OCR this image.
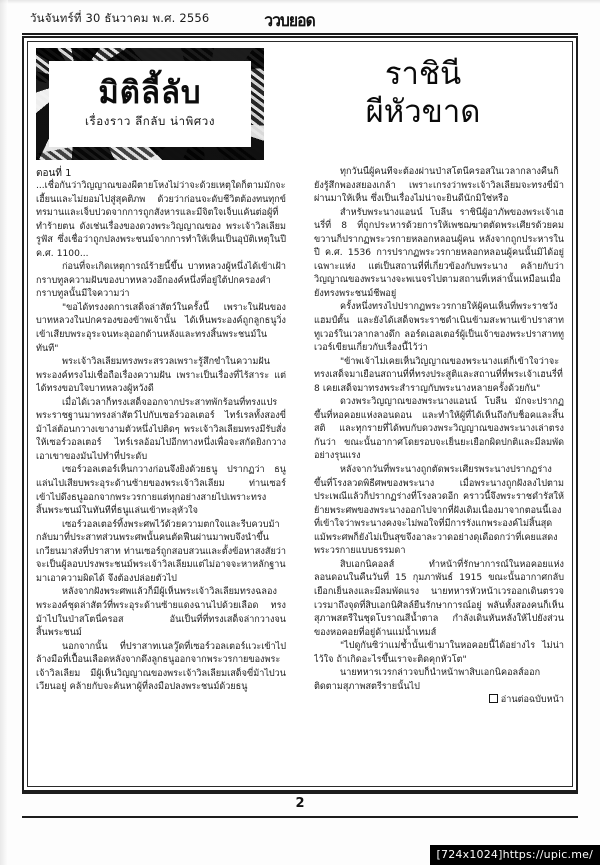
วันจันทร์ที่ 30 ธันวาคม พ.ศ. 2556	ววบยอด
มิติลี้ลับ
เรื่องราว ลึกลับ น่าพิศวง
ราชินี
ผีหัวขาด
ตอนที่ 1

...เชื่อกันว่าวิญญาณของผีตายโหงไม่ว่าจะด้วยเหตุใดก็ตามมักจะเฮี้ยนและไม่ยอมไปสู่สุคติภพ ด้วยว่าก่อนจะดับชีวิตต้องทนทุกข์ทรมานและเจ็บปวดจากการถูกสังหารและมีจิตใจเจ็บแค้นต่อผู้ที่ทำร้ายตน ดังเช่นเรื่องของดวงพระวิญญาณของ พระเจ้าวิลเลียม รูฟัส ซึ่งเชื่อว่าถูกปลงพระชนม์จากการทำให้เห็นเป็นอุบัติเหตุในปี ค.ศ. 1100...

ก่อนที่จะเกิดเหตุการณ์ร้ายนี้ขึ้น บาทหลวงผู้หนึ่งได้เข้าเฝ้ากราบทูลความฝันของบาทหลวงอีกองค์หนึ่งที่อยู่ใต้ปกครองคำกราบทูลนั้นมีใจความว่า

"ขอได้ทรงงดการเสด็จล่าสัตว์ในครั้งนี้ เพราะในฝันของบาทหลวงในปกครองของข้าพเจ้านั้น ได้เห็นพระองค์ถูกลูกธนูวิ่งเข้าเสียบพระอุระจนทะลุออกด้านหลังและทรงสิ้นพระชนม์ในทันที"

พระเจ้าวิลเลียมทรงพระสรวลเพราะรู้สึกขำในความฝันพระองค์ทรงไม่เชื่อถือเรื่องความฝัน เพราะเป็นเรื่องที่ไร้สาระ แต่ได้ทรงขอบใจบาทหลวงผู้หวังดี

เมื่อได้เวลาก็ทรงเสด็จออกจากประสาทพักร้อนที่ทรงแปรพระราชฐานมาทรงล่าสัตว์ไปกับเซอร์วอลเตอร์ ไทร์เรลทั้งสองขี่ม้าไล่ต้อนกวางเขางามตัวหนึ่งไปติดๆ พระเจ้าวิลเลียมทรงมีรับสั่งให้เซอร์วอลเตอร์ ไทร์เรลอ้อมไปอีกทางหนึ่งเพื่อจะสกัดยิงกวางเอาเขาของมันไปทำที่ประดับ

เซอร์วอลเตอร์เห็นกวางก่อนจึงยิงด้วยธนู ปรากฏว่า ธนูแล่นไปเสียบพระอุระด้านซ้ายของพระเจ้าวิลเลียม ท่านเซอร์เข้าไปดึงธนูออกจากพระวรกายแต่ทุกอย่างสายไปเพราะทรงสิ้นพระชนม์ในทันทีที่ธนูแล่นเข้าทะลุหัวใจ

เซอร์วอลเตอร์ทิ้งพระศพไว้ด้วยความตกใจและรีบควบม้ากลับมาที่ประสาทส่วนพระศพนั้นคนตัดฟืนผ่านมาพบจึงนำขึ้นเกวียนมาส่งที่ปราสาท ท่านเซอร์ถูกสอบสวนและตั้งข้อหาสงสัยว่าจะเป็นผู้ลอบปรงพระชนม์พระเจ้าวิลเลียมแต่ไม่อาจจะหาหลักฐานมาเอาความผิดได้ จึงต้องปล่อยตัวไป

หลังจากฝังพระศพแล้วก็มีผู้เห็นพระเจ้าวิลเลียมทรงฉลองพระองค์ชุดล่าสัตว์ที่พระอุระด้านซ้ายแดงฉานไปด้วยเลือด ทรงม้าไปในป่าสโตนี่ครอส อันเป็นที่ที่ทรงเสด็จล่ากวางจนสิ้นพระชนม์

นอกจากนั้น ที่ปราสาทเนลวู๊ดที่เซอร์วอลเตอร์แวะเข้าไปล้างมือที่เปื้อนเลือดหลังจากดึงลูกธนูออกจากพระวรกายของพระเจ้าวิลเลียม มีผู้เห็นวิญญาณของพระเจ้าวิลเลียมเสด็จขี่ม้าไปวนเวียนอยู่ คล้ายกับจะค้นหาผู้ที่ลงมือปลงพระชนม์ด้วยธนู

ทุกวันนี้ผู้คนที่จะต้องผ่านป่าสโตนี่ครอสในเวลากลางคืนก็ยังรู้สึกพองสยองเกล้า เพราะเกรงว่าพระเจ้าวิลเลียมจะทรงขี่ม้าผ่านมาให้เห็น ซึ่งเป็นเรื่องไม่น่าจะยินดีนักมิใช่หรือ

สำหรับพระนางแอนน์ โบลีน ราชินีผู้อาภัพของพระเจ้าเฮนรี่ที่ 8 ที่ถูกประหารด้วยการให้เพชฌฆาตตัดพระเศียรด้วยคมขวานก็ปรากฏพระวรกายหลอกหลอนผู้คน หลังจากถูกประหารในปี ค.ศ. 1536 การปรากฏพระวรกายหลอกหลอนผู้คนนั้นมิได้อยู่เฉพาะแห่ง แต่เป็นสถานที่ที่เกี่ยวข้องกับพระนาง คล้ายกับว่าวิญญาณของพระนางจะพเนจรไปตามสถานที่เหล่านั้นเหมือนเมื่อยังทรงพระชนม์ชีพอยู่

ครั้งหนึ่งทรงไปปรากฏพระวรกายให้ผู้คนเห็นที่พระราชวังแฮมป์ตั้น และยังได้เสด็จพระราชดำเนินข้ามสะพานเข้าปราสาททูเวอร์ในเวลากลางดึก ลอร์ดเอลเตอร์ผู้เป็นเจ้าของพระปราสาททูเวอร์เขียนเกี่ยวกับเรื่องนี้ไว้ว่า

"ข้าพเจ้าไม่เคยเห็นวิญญาณของพระนางแต่ก็เข้าใจว่าจะทรงเสด็จมาเยือนสถานที่ที่ทรงประสูติและสถานที่ที่พระเจ้าเฮนรี่ที่ 8 เคยเสด็จมาทรงพระสำราญกับพระนางหลายครั้งด้วยกัน"

ดวงพระวิญญาณของพระนางแอนน์ โบลีน มักจะปรากฏขึ้นที่หอคอยแห่งลอนดอน และทำให้ผู้ที่ได้เห็นถึงกับช็อคและสิ้นสติ และทุกรายที่ได้พบกับดวงพระวิญญาณของพระนางเล่าตรงกันว่า ขณะนั้นอากาศโดยรอบจะเย็นยะเยือกผิดปกติและมีลมพัดอย่างรุนแรง

หลังจากวันที่พระนางถูกตัดพระเศียรพระนางปรากฏร่างขึ้นที่โรงลวดพิธีศพของพระนาง เมื่อพระนางถูกฝังลงไปตามประเพณีแล้วก็ปรากฏร่างที่โรงลวดอีก คราวนี้จึงพระราชดำรัสให้ย้ายพระศพของพระนางออกไปจากที่ฝังเดิมเนื่องมาจากตอนนี้เองที่เข้าใจว่าพระนางคงจะไม่พอใจที่มีการรังแกพระองค์ไม่สิ้นสุด แม้พระศพก็ยังไม่เป็นสุขจึงอาละวาดอย่างดุเดือดกว่าที่เคยแสดงพระวรกายแบบธรรมดา

สิบเอกนิคอลส์ ทำหน้าที่รักษาการณ์ในหอคอยแห่งลอนดอนในคืนวันที่ 15 กุมภาพันธ์ 1915 ขณะนั้นอากาศกลับเยือกเย็นลงและมีลมพัดแรง นายทหารหัวหน้าเวรออกเดินตรวจเวรมาถึงจุดที่สิบเอกนิศิลล์ยืนรักษาการณ์อยู่ พลันทั้งสองคนก็เห็นสุภาพสตรีในชุดโบราณสีน้ำตาล กำลังเดินหันหลังให้ไปยังส่วนของหอคอยที่อยู่ด้านแม่น้ำเทมส์

"ไปดูกันซิว่าแม่ช้ำนั้นเข้ามาในหอคอยนี้ได้อย่างไร ไม่น่าไว้ใจ ถ้าเกิดอะไรขึ้นเราจะติดคุกหัวโต"

นายทหารเวรกล่าวจบก็นำหน้าพาสิบเอกนิคอลส์ออกติดตามสุภาพสตรีรายนั้นไป

อ่านต่อฉบับหน้า

2
[724x1024]https://upic.me/
